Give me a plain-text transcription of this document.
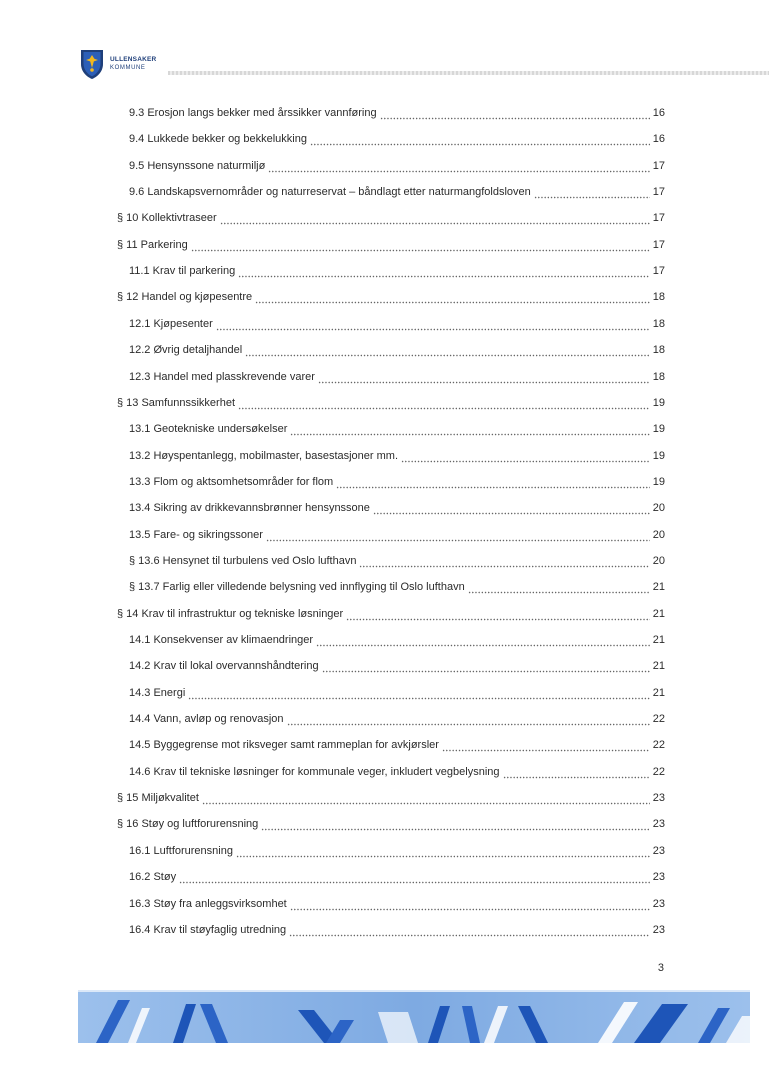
ULLENSAKER
KOMMUNE
9.3 Erosjon langs bekker med årssikker vannføring	16
9.4 Lukkede bekker og bekkelukking	16
9.5 Hensynssone naturmiljø	17
9.6 Landskapsvernområder og naturreservat – båndlagt etter naturmangfoldsloven	17
§ 10 Kollektivtraseer	17
§ 11 Parkering	17
11.1 Krav til parkering	17
§ 12 Handel og kjøpesentre	18
12.1 Kjøpesenter	18
12.2 Øvrig detaljhandel	18
12.3 Handel med plasskrevende varer	18
§ 13 Samfunnssikkerhet	19
13.1 Geotekniske undersøkelser	19
13.2 Høyspentanlegg, mobilmaster, basestasjoner mm.	19
13.3 Flom og aktsomhetsområder for flom	19
13.4 Sikring av drikkevannsbrønner hensynssone	20
13.5 Fare- og sikringssoner	20
§ 13.6 Hensynet til turbulens ved Oslo lufthavn	20
§ 13.7 Farlig eller villedende belysning ved innflyging til Oslo lufthavn	21
§ 14 Krav til infrastruktur og tekniske løsninger	21
14.1 Konsekvenser av klimaendringer	21
14.2 Krav til lokal overvannshåndtering	21
14.3 Energi	21
14.4 Vann, avløp og renovasjon	22
14.5 Byggegrense mot riksveger samt rammeplan for avkjørsler	22
14.6 Krav til tekniske løsninger for kommunale veger, inkludert vegbelysning	22
§ 15 Miljøkvalitet	23
§ 16 Støy og luftforurensning	23
16.1 Luftforurensning	23
16.2 Støy	23
16.3 Støy fra anleggsvirksomhet	23
16.4 Krav til støyfaglig utredning	23
3
